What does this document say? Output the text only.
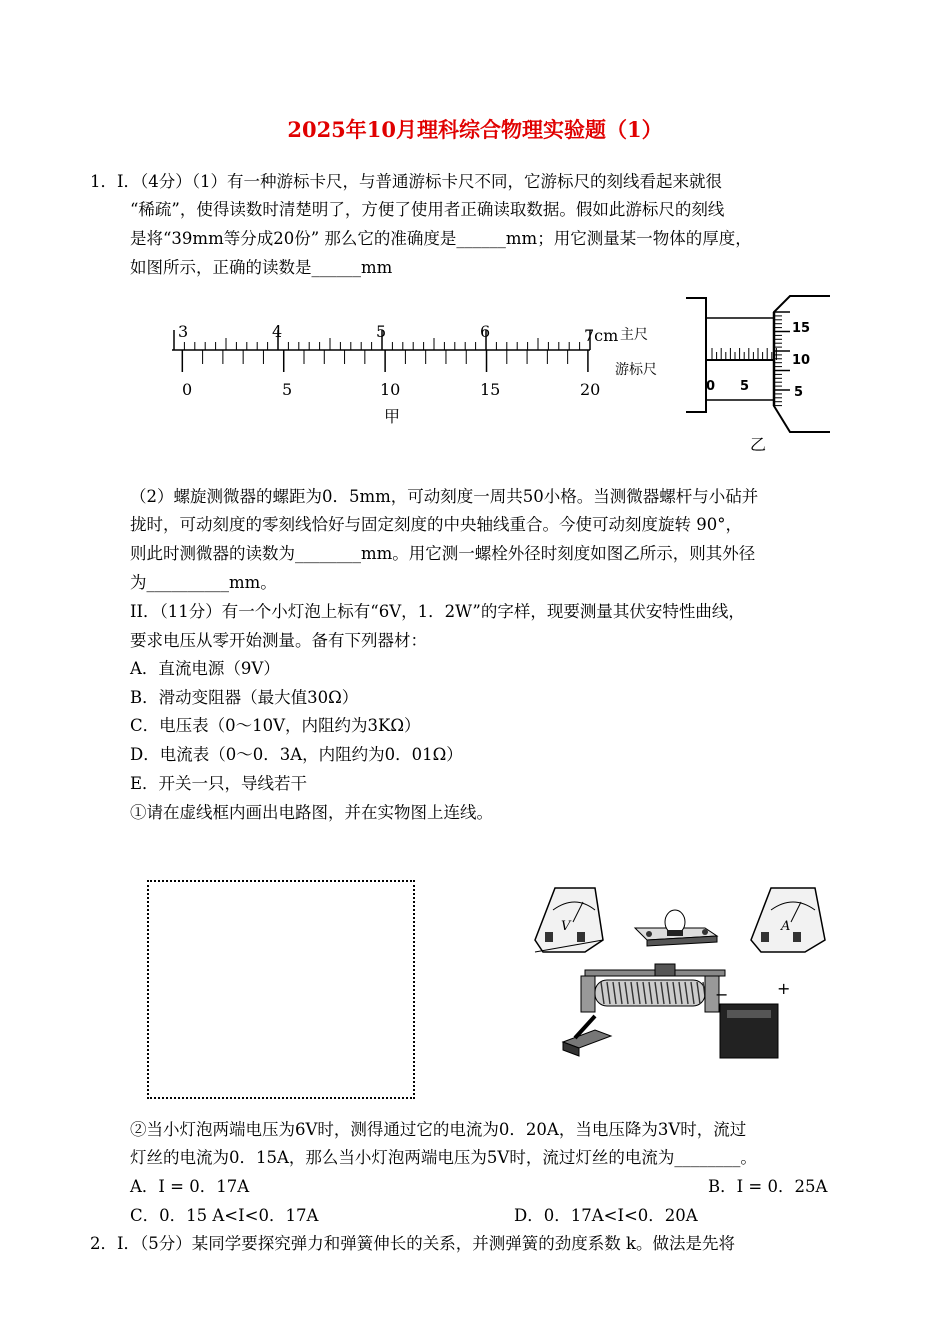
2025年10月理科综合物理实验题（1）
1．I．（4分）（1）有一种游标卡尺，与普通游标卡尺不同，它游标尺的刻线看起来就很
“稀疏”，使得读数时清楚明了，方便了使用者正确读取数据。假如此游标尺的刻线
是将“39mm等分成20份” 那么它的准确度是______mm；用它测量某一物体的厚度，
如图所示，正确的读数是______mm
3	4	5	6	7cm 主尺
0	5	10	15	20
游标尺
甲
0 5
15
10
5
乙
（2）螺旋测微器的螺距为0．5mm，可动刻度一周共50小格。当测微器螺杆与小砧并
拢时，可动刻度的零刻线恰好与固定刻度的中央轴线重合。今使可动刻度旋转 90°，
则此时测微器的读数为________mm。用它测一螺栓外径时刻度如图乙所示，则其外径
为__________mm。
II．（11分）有一个小灯泡上标有“6V，1．2W”的字样，现要测量其伏安特性曲线，
要求电压从零开始测量。备有下列器材：
A．直流电源（9V）
B．滑动变阻器（最大值30Ω）
C．电压表（0～10V，内阻约为3KΩ）
D．电流表（0～0．3A，内阻约为0．01Ω）
E．开关一只，导线若干
①请在虚线框内画出电路图，并在实物图上连线。
V	A
−	+
②当小灯泡两端电压为6V时，测得通过它的电流为0．20A，当电压降为3V时，流过
灯丝的电流为0．15A，那么当小灯泡两端电压为5V时，流过灯丝的电流为________。
A．I = 0．17A	B．I = 0．25A
C．0．15 A<I<0．17A	D．0．17A<I<0．20A
2．I．（5分）某同学要探究弹力和弹簧伸长的关系，并测弹簧的劲度系数 k。做法是先将
